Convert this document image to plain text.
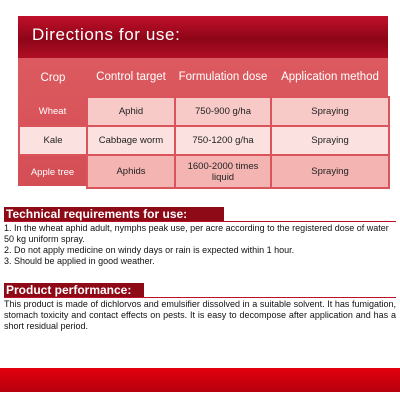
Directions for use:
Crop	Control target	Formulation dose	Application method
Wheat	Aphid	750-900 g/ha	Spraying
Kale	Cabbage worm	750-1200 g/ha	Spraying
Apple tree	Aphids	1600-2000 times liquid	Spraying
Technical requirements for use:
1. In the wheat aphid adult, nymphs peak use, per acre according to the registered dose of water 50 kg uniform spray.
2. Do not apply medicine on windy days or rain is expected within 1 hour.
3. Should be applied in good weather.
Product performance:
This product is made of dichlorvos and emulsifier dissolved in a suitable solvent. It has fumigation, stomach toxicity and contact effects on pests. It is easy to decompose after application and has a short residual period.
